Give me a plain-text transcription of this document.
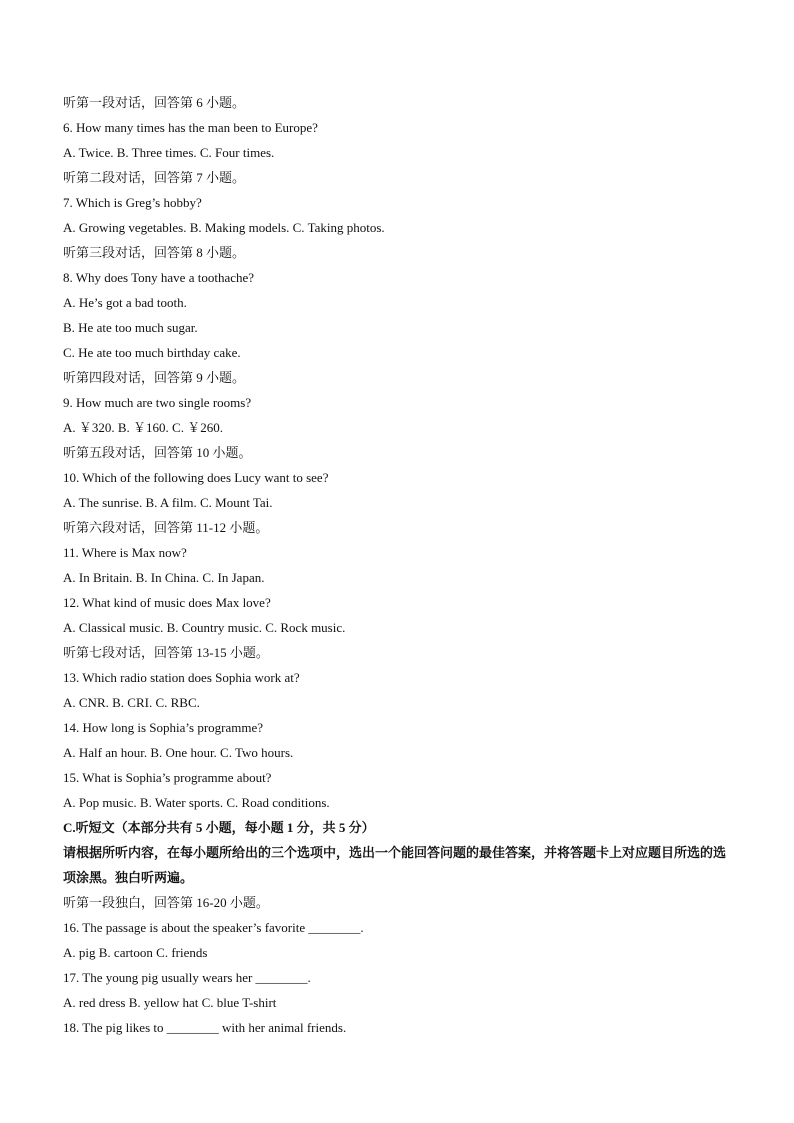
听第一段对话，回答第 6 小题。
6. How many times has the man been to Europe?
A. Twice. B. Three times. C. Four times.
听第二段对话，回答第 7 小题。
7. Which is Greg’s hobby?
A. Growing vegetables. B. Making models. C. Taking photos.
听第三段对话，回答第 8 小题。
8. Why does Tony have a toothache?
A. He’s got a bad tooth.
B. He ate too much sugar.
C. He ate too much birthday cake.
听第四段对话，回答第 9 小题。
9. How much are two single rooms?
A. ￥320. B. ￥160. C. ￥260.
听第五段对话，回答第 10 小题。
10. Which of the following does Lucy want to see?
A. The sunrise. B. A film. C. Mount Tai.
听第六段对话，回答第 11-12 小题。
11. Where is Max now?
A. In Britain. B. In China. C. In Japan.
12. What kind of music does Max love?
A. Classical music. B. Country music. C. Rock music.
听第七段对话，回答第 13-15 小题。
13. Which radio station does Sophia work at?
A. CNR. B. CRI. C. RBC.
14. How long is Sophia’s programme?
A. Half an hour. B. One hour. C. Two hours.
15. What is Sophia’s programme about?
A. Pop music. B. Water sports. C. Road conditions.
C.听短文（本部分共有 5 小题，每小题 1 分，共 5 分）
请根据所听内容，在每小题所给出的三个选项中，选出一个能回答问题的最佳答案，并将答题卡上对应题目所选的选项涂黑。独白听两遍。
听第一段独白，回答第 16-20 小题。
16. The passage is about the speaker’s favorite ________.
A. pig B. cartoon C. friends
17. The young pig usually wears her ________.
A. red dress B. yellow hat C. blue T-shirt
18. The pig likes to ________ with her animal friends.
